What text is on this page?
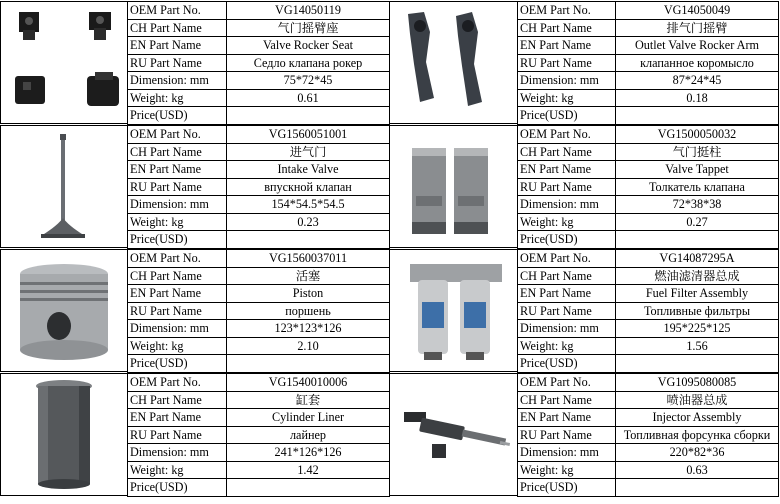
OEM Part No.	VG14050119
CH Part Name	气门摇臂座
EN Part Name	Valve Rocker Seat
RU Part Name	Седло клапана рокер
Dimension: mm	75*72*45
Weight: kg	0.61
Price(USD)	
OEM Part No.	VG14050049
CH Part Name	排气门摇臂
EN Part Name	Outlet Valve Rocker Arm
RU Part Name	клапанное коромысло
Dimension: mm	87*24*45
Weight: kg	0.18
Price(USD)	
OEM Part No.	VG1560051001
CH Part Name	进气门
EN Part Name	Intake Valve
RU Part Name	впускной клапан
Dimension: mm	154*54.5*54.5
Weight: kg	0.23
Price(USD)	
OEM Part No.	VG1500050032
CH Part Name	气门挺柱
EN Part Name	Valve Tappet
RU Part Name	Толкатель клапана
Dimension: mm	72*38*38
Weight: kg	0.27
Price(USD)	
OEM Part No.	VG1560037011
CH Part Name	活塞
EN Part Name	Piston
RU Part Name	поршень
Dimension: mm	123*123*126
Weight: kg	2.10
Price(USD)	
OEM Part No.	VG14087295A
CH Part Name	燃油滤清器总成
EN Part Name	Fuel Filter Assembly
RU Part Name	Топливные фильтры
Dimension: mm	195*225*125
Weight: kg	1.56
Price(USD)	
OEM Part No.	VG1540010006
CH Part Name	缸套
EN Part Name	Cylinder Liner
RU Part Name	лайнер
Dimension: mm	241*126*126
Weight: kg	1.42
Price(USD)	
OEM Part No.	VG1095080085
CH Part Name	喷油器总成
EN Part Name	Injector Assembly
RU Part Name	Топливная форсунка сборки
Dimension: mm	220*82*36
Weight: kg	0.63
Price(USD)	
